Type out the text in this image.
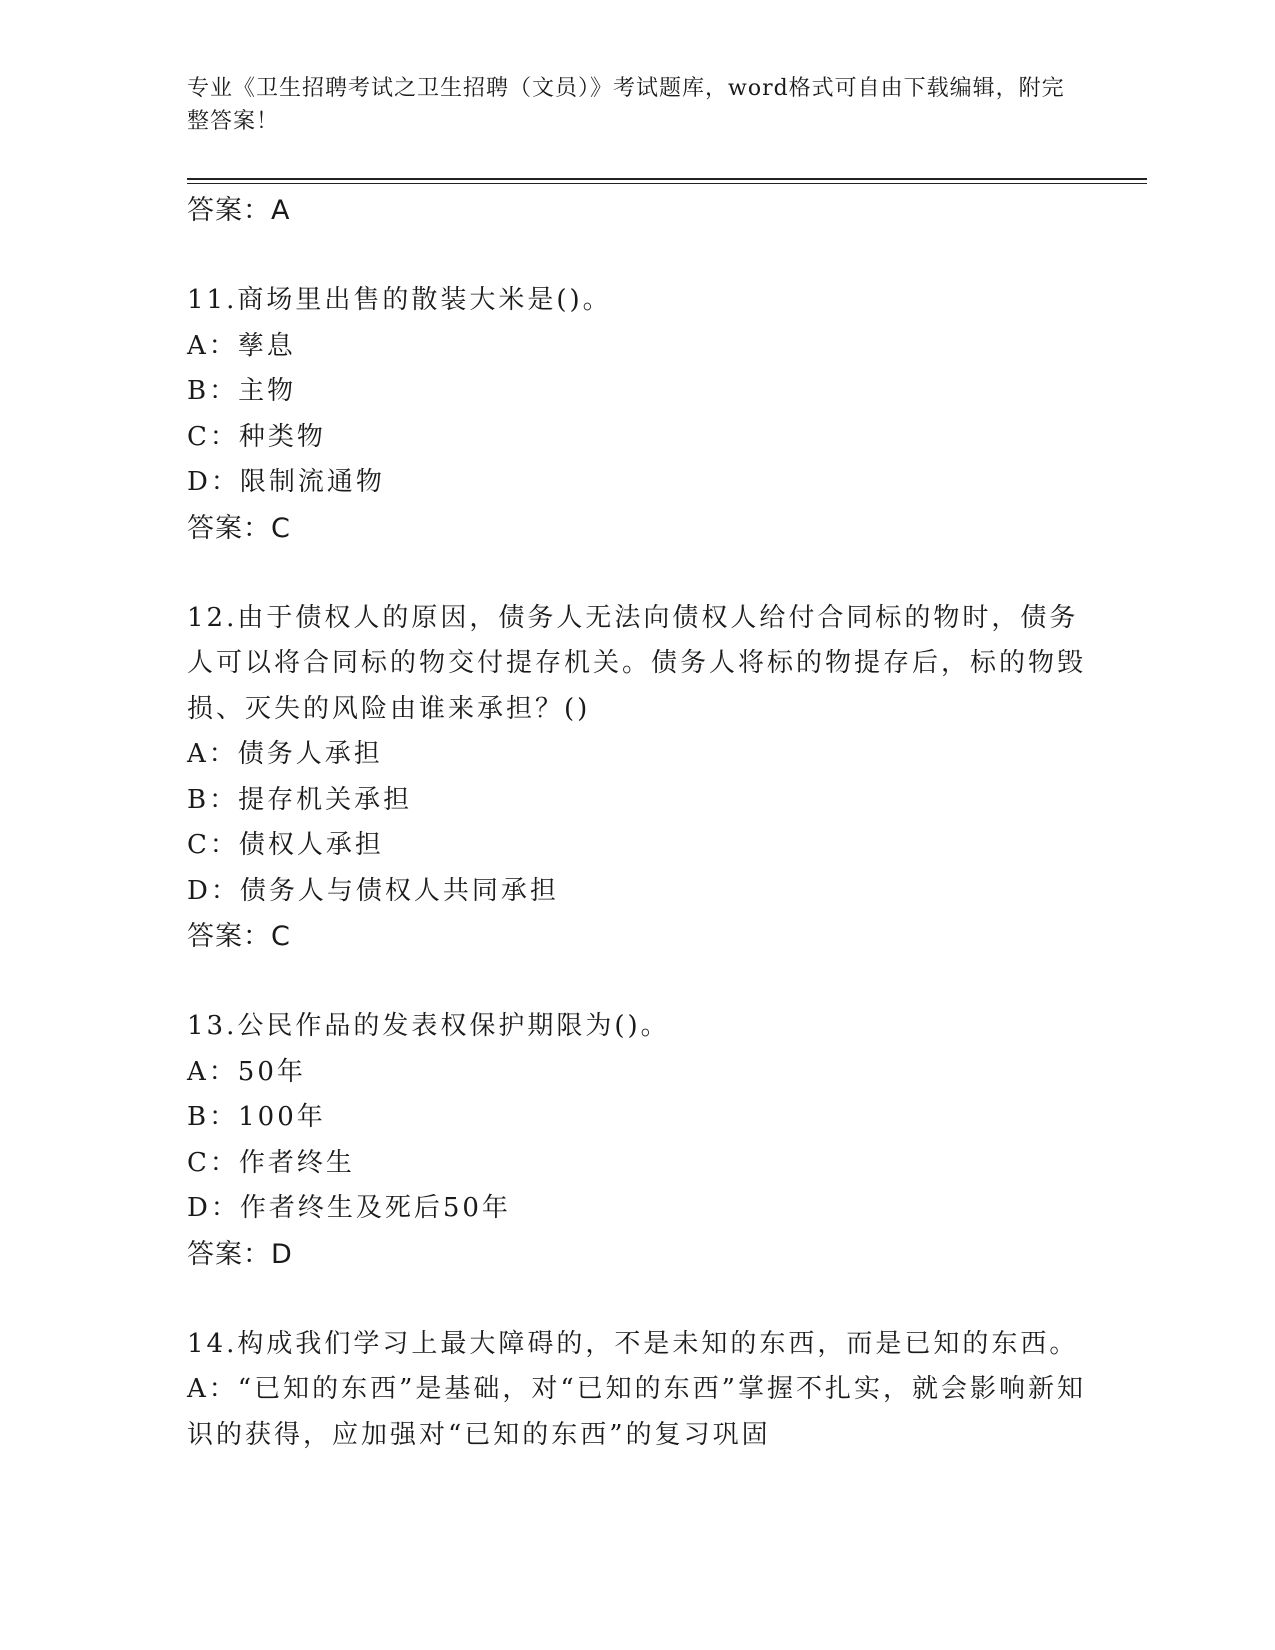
专业《卫生招聘考试之卫生招聘（文员）》考试题库，word格式可自由下载编辑，附完整答案！
答案：A
11.商场里出售的散装大米是()。
A：孳息
B：主物
C：种类物
D：限制流通物
答案：C
12.由于债权人的原因，债务人无法向债权人给付合同标的物时，债务人可以将合同标的物交付提存机关。债务人将标的物提存后，标的物毁损、灭失的风险由谁来承担？()
A：债务人承担
B：提存机关承担
C：债权人承担
D：债务人与债权人共同承担
答案：C
13.公民作品的发表权保护期限为()。
A：50年
B：100年
C：作者终生
D：作者终生及死后50年
答案：D
14.构成我们学习上最大障碍的，不是未知的东西，而是已知的东西。
A：“已知的东西”是基础，对“已知的东西”掌握不扎实，就会影响新知识的获得，应加强对“已知的东西”的复习巩固
